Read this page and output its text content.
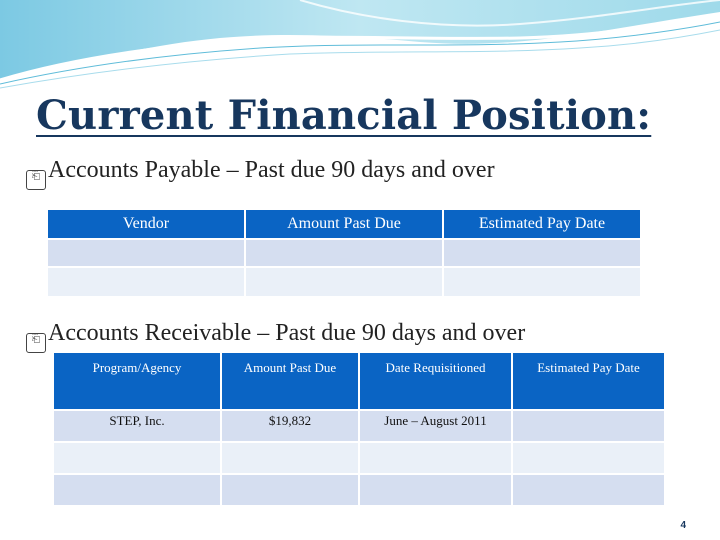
Current Financial Position:
⎗ Accounts Payable – Past due 90 days and over
Vendor	Amount Past Due	Estimated Pay Date

⎗ Accounts Receivable – Past due 90 days and over
Program/Agency	Amount Past Due	Date Requisitioned	Estimated Pay Date
STEP, Inc.	$19,832	June – August 2011	

4
